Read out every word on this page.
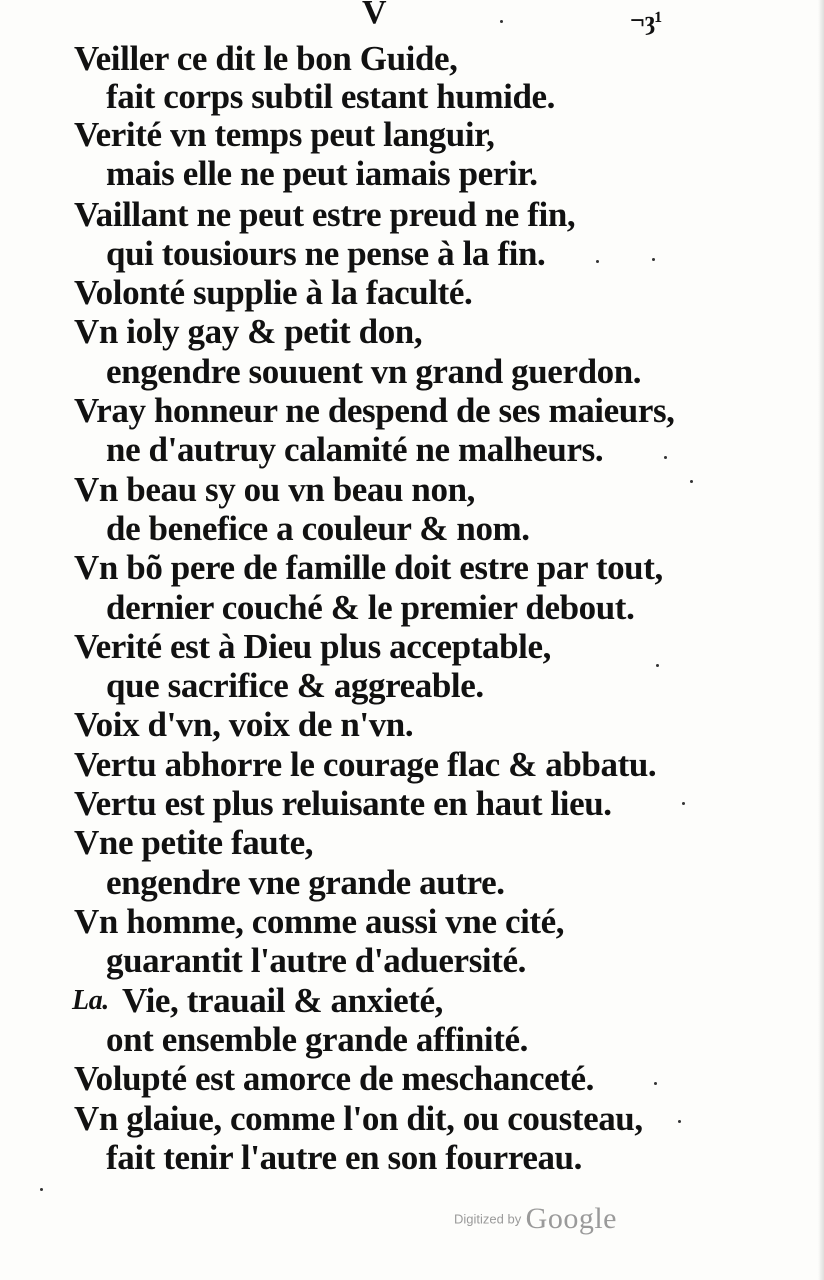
V	¬ȝ¹
Veiller ce dit le bon Guide,
fait corps subtil estant humide.
Verité vn temps peut languir,
mais elle ne peut iamais perir.
Vaillant ne peut estre preud ne fin,
qui tousiours ne pense à la fin.
Volonté supplie à la faculté.
Vn ioly gay & petit don,
engendre souuent vn grand guerdon.
Vray honneur ne despend de ses maieurs,
ne d'autruy calamité ne malheurs.
Vn beau sy ou vn beau non,
de benefice a couleur & nom.
Vn bõ pere de famille doit estre par tout,
dernier couché & le premier debout.
Verité est à Dieu plus acceptable,
que sacrifice & aggreable.
Voix d'vn, voix de n'vn.
Vertu abhorre le courage flac & abbatu.
Vertu est plus reluisante en haut lieu.
Vne petite faute,
engendre vne grande autre.
Vn homme, comme aussi vne cité,
guarantit l'autre d'aduersité.
La. Vie, trauail & anxieté,
ont ensemble grande affinité.
Volupté est amorce de meschanceté.
Vn glaiue, comme l'on dit, ou cousteau,
fait tenir l'autre en son fourreau.
Digitized by Google
